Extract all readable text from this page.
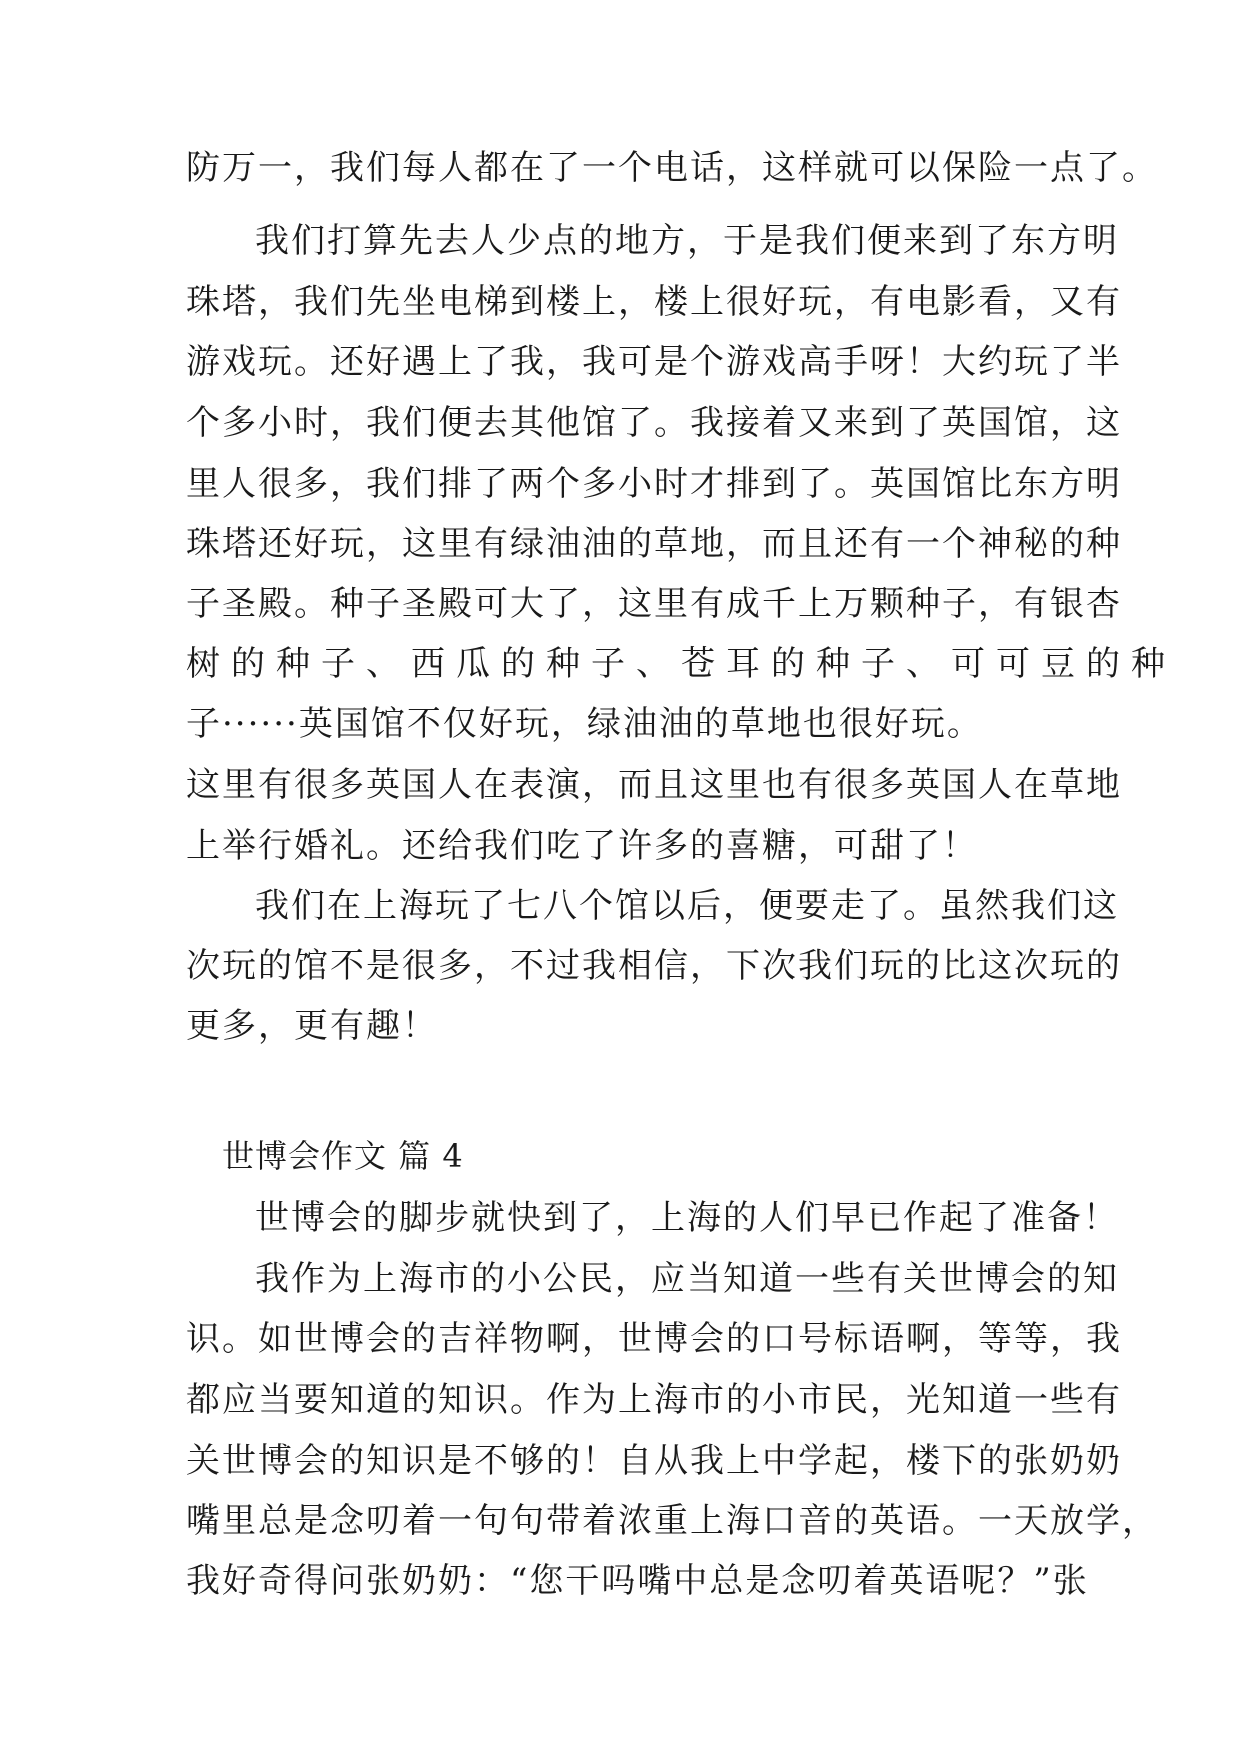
防万一，我们每人都在了一个电话，这样就可以保险一点了。
我们打算先去人少点的地方，于是我们便来到了东方明
珠塔，我们先坐电梯到楼上，楼上很好玩，有电影看，又有
游戏玩。还好遇上了我，我可是个游戏高手呀！大约玩了半
个多小时，我们便去其他馆了。我接着又来到了英国馆，这
里人很多，我们排了两个多小时才排到了。英国馆比东方明
珠塔还好玩，这里有绿油油的草地，而且还有一个神秘的种
子圣殿。种子圣殿可大了，这里有成千上万颗种子，有银杏
树的种子、西瓜的种子、苍耳的种子、可可豆的种
子······英国馆不仅好玩，绿油油的草地也很好玩。
这里有很多英国人在表演，而且这里也有很多英国人在草地
上举行婚礼。还给我们吃了许多的喜糖，可甜了！
我们在上海玩了七八个馆以后，便要走了。虽然我们这
次玩的馆不是很多，不过我相信，下次我们玩的比这次玩的
更多，更有趣！
世博会作文 篇 4
世博会的脚步就快到了，上海的人们早已作起了准备！
我作为上海市的小公民，应当知道一些有关世博会的知
识。如世博会的吉祥物啊，世博会的口号标语啊，等等，我
都应当要知道的知识。作为上海市的小市民，光知道一些有
关世博会的知识是不够的！自从我上中学起，楼下的张奶奶
嘴里总是念叨着一句句带着浓重上海口音的英语。一天放学，
我好奇得问张奶奶：“您干吗嘴中总是念叨着英语呢？”张
